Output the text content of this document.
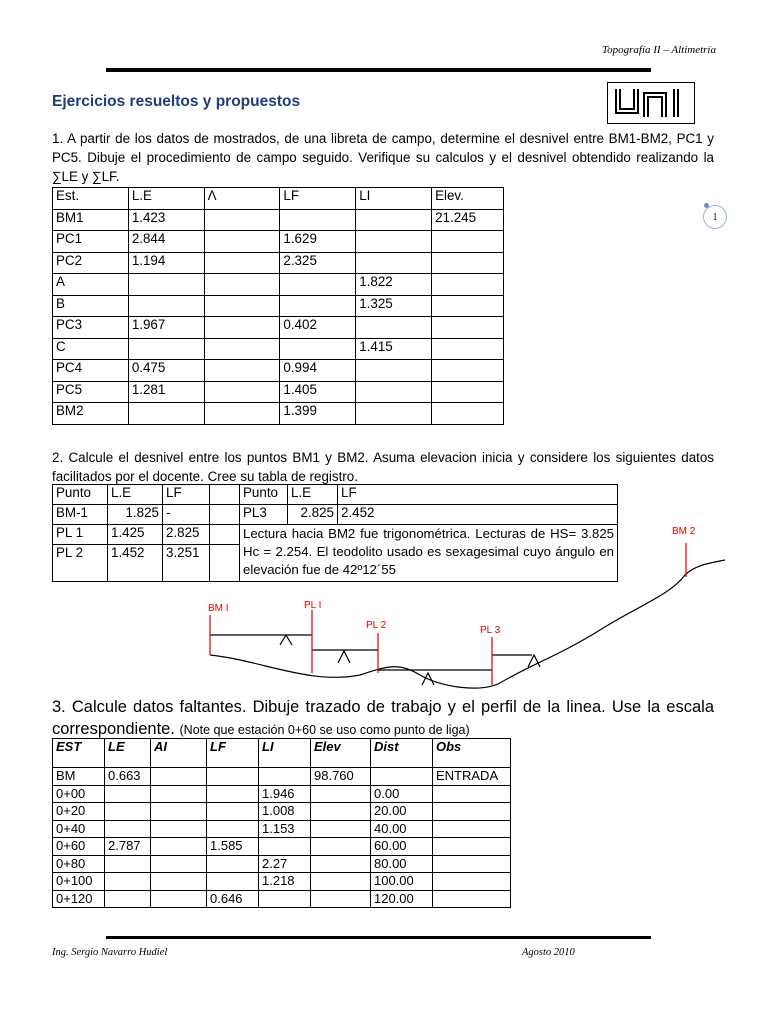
Topografía II – Altimetría
Ejercicios resueltos y propuestos
1
1. A partir de los datos de mostrados, de una libreta de campo, determine el desnivel entre BM1-BM2, PC1 y PC5. Dibuje el procedimiento de campo seguido. Verifique su calculos y el desnivel obtendido realizando la ∑LE y ∑LF.
Est.	L.E	Λ	LF	LI	Elev.
BM1	1.423				21.245
PC1	2.844		1.629		
PC2	1.194		2.325		
A				1.822	
B				1.325	
PC3	1.967		0.402		
C				1.415	
PC4	0.475		0.994		
PC5	1.281		1.405		
BM2			1.399		
2. Calcule el desnivel entre los puntos BM1 y BM2. Asuma elevacion inicia y considere los siguientes datos facilitados por el docente. Cree su tabla de registro.
Punto	L.E	LF		Punto	L.E	LF
BM-1	1.825	-		PL3	2.825	2.452
PL 1	1.425	2.825		Lectura hacia BM2 fue trigonométrica. Lecturas de HS= 3.825 Hc = 2.254. El teodolito usado es sexagesimal cuyo ángulo en elevación fue de 42º12´55		
PL 2	1.452	3.251				
BM I	PL I
PL 2	PL 3
BM 2
3. Calcule datos faltantes. Dibuje trazado de trabajo y el perfil de la linea. Use la escala correspondiente. (Note que estación 0+60 se uso como punto de liga)
EST	LE	AI	LF	LI	Elev	Dist	Obs
BM	0.663				98.760		ENTRADA
0+00				1.946		0.00	
0+20				1.008		20.00	
0+40				1.153		40.00	
0+60	2.787		1.585			60.00	
0+80				2.27		80.00	
0+100				1.218		100.00	
0+120			0.646			120.00	
Ing. Sergio Navarro Hudiel	Agosto 2010
